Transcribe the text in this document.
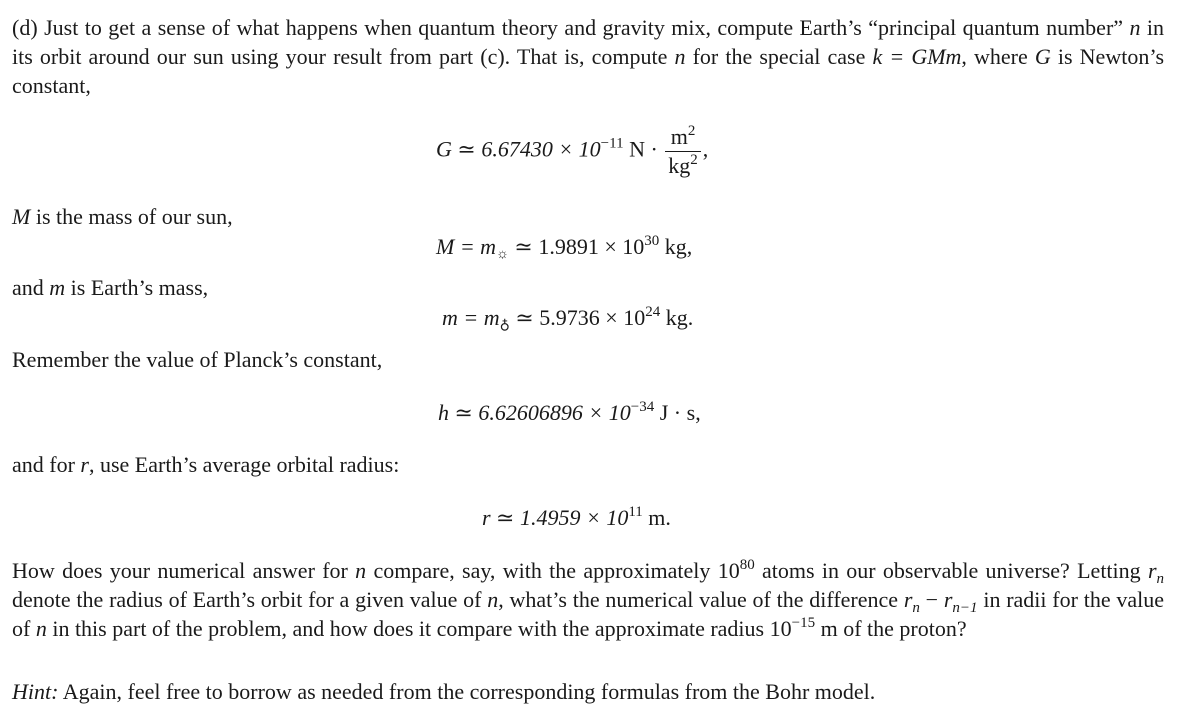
(d) Just to get a sense of what happens when quantum theory and gravity mix, compute Earth’s “principal quantum number” n in its orbit around our sun using your result from part (c). That is, compute n for the special case k = GMm, where G is Newton’s constant,

G ≃ $6.67430 \times 10^{-11}$ $N \cdot \frac{m^2}{kg^2}$ ,

M is the mass of our sun,

$M = m_☼$ ≃ $1.9891 \times 10^{30}$ kg,

and m is Earth’s mass,

$m = m_♁$ ≃ $5.9736 \times 10^{24}$ kg.

Remember the value of Planck’s constant,

h ≃ $6.62606896 \times 10^{-34}$ J · s,

and for r, use Earth’s average orbital radius:

r ≃ $1.4959 \times 10^{11}$ m.

How does your numerical answer for n compare, say, with the approximately $10^{80}$ atoms in our observable universe? Letting $r_n$ denote the radius of Earth’s orbit for a given value of n, what’s the numerical value of the difference $r_n - r_{n-1}$ in radii for the value of n in this part of the problem, and how does it compare with the approximate radius $10^{-15}$ m of the proton?

Hint: Again, feel free to borrow as needed from the corresponding formulas from the Bohr model.
